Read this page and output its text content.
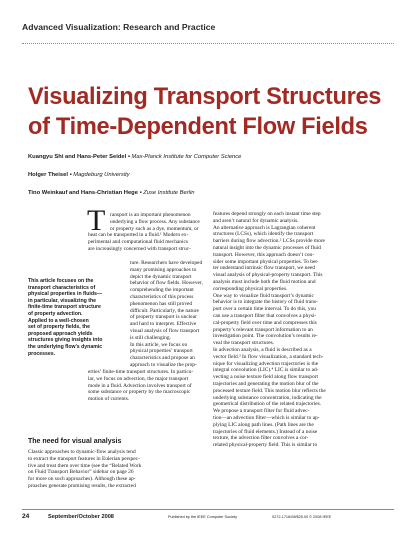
Advanced Visualization: Research and Practice
Visualizing Transport Structures
of Time-Dependent Flow Fields
Kuangyu Shi and Hans-Peter Seidel ▪ Max-Planck Institute for Computer Science
Holger Theisel ▪ Magdeburg University
Tino Weinkauf and Hans-Christian Hege ▪ Zuse Institute Berlin
T ransport is an important phenomenon
underlying a flow process. Any substance
or property such as a dye, momentum, or
heat can be transported in a fluid.¹ Modern ex-
perimental and computational fluid mechanics
are increasingly concerned with transport struc-
This article focuses on the
transport characteristics of
physical properties in fluids—
in particular, visualizing the
finite-time transport structure
of property advection.
Applied to a well-chosen
set of property fields, the
proposed approach yields
structures giving insights into
the underlying flow’s dynamic
processes.
ture. Researchers have developed
many promising approaches to
depict the dynamic transport
behavior of flow fields. However,
comprehending the important
characteristics of this process
phenomenon has still proved
difficult. Particularly, the nature
of property transport is unclear
and hard to interpret. Effective
visual analysis of flow transport
is still challenging.
In this article, we focus on
physical properties’ transport
characteristics and propose an
approach to visualize the prop-
erties’ finite-time transport structures. In particu-
lar, we focus on advection, the major transport
mode in a fluid. Advection involves transport of
some substance or property by the macroscopic
motion of currents.
The need for visual analysis
Classic approaches to dynamic-flow analysis tend
to extract the transport features in Eulerian perspec-
tive and treat them over time (see the “Related Work
on Fluid Transport Behavior” sidebar on page 26
for more on such approaches). Although these ap-
proaches generate promising results, the extracted
features depend strongly on each instant time step
and aren’t natural for dynamic analysis.
An alternative approach is Lagrangian coherent
structures (LCSs), which identify the transport
barriers during flow advection.² LCSs provide more
natural insight into the dynamic processes of fluid
transport. However, this approach doesn’t con-
sider some important physical properties. To bet-
ter understand intrinsic flow transport, we need
visual analysis of physical-property transport. This
analysis must include both the fluid motion and
corresponding physical properties.
One way to visualize fluid transport’s dynamic
behavior is to integrate the history of fluid trans-
port over a certain time interval. To do this, you
can use a transport filter that convolves a physi-
cal-property field over time and compresses this
property’s relevant transport information to an
investigation point. The convolution’s results re-
veal the transport structures.
In advection analysis, a fluid is described as a
vector field.³ In flow visualization, a standard tech-
nique for visualizing advection trajectories is the
integral convolution (LIC).⁴ LIC is similar to ad-
vecting a noise texture field along flow transport
trajectories and generating the motion blur of the
processed texture field. This motion blur reflects the
underlying substance concentration, indicating the
geometrical distribution of the related trajectories.
We propose a transport filter for fluid advec-
tion—an advection filter—which is similar to ap-
plying LIC along path lines. (Path lines are the
trajectories of fluid elements.) Instead of a noise
texture, the advection filter convolves a cor-
related physical-property field. This is similar to
24	September/October 2008	Published by the IEEE Computer Society	0272-1716/08/$25.00 © 2008 IEEE
